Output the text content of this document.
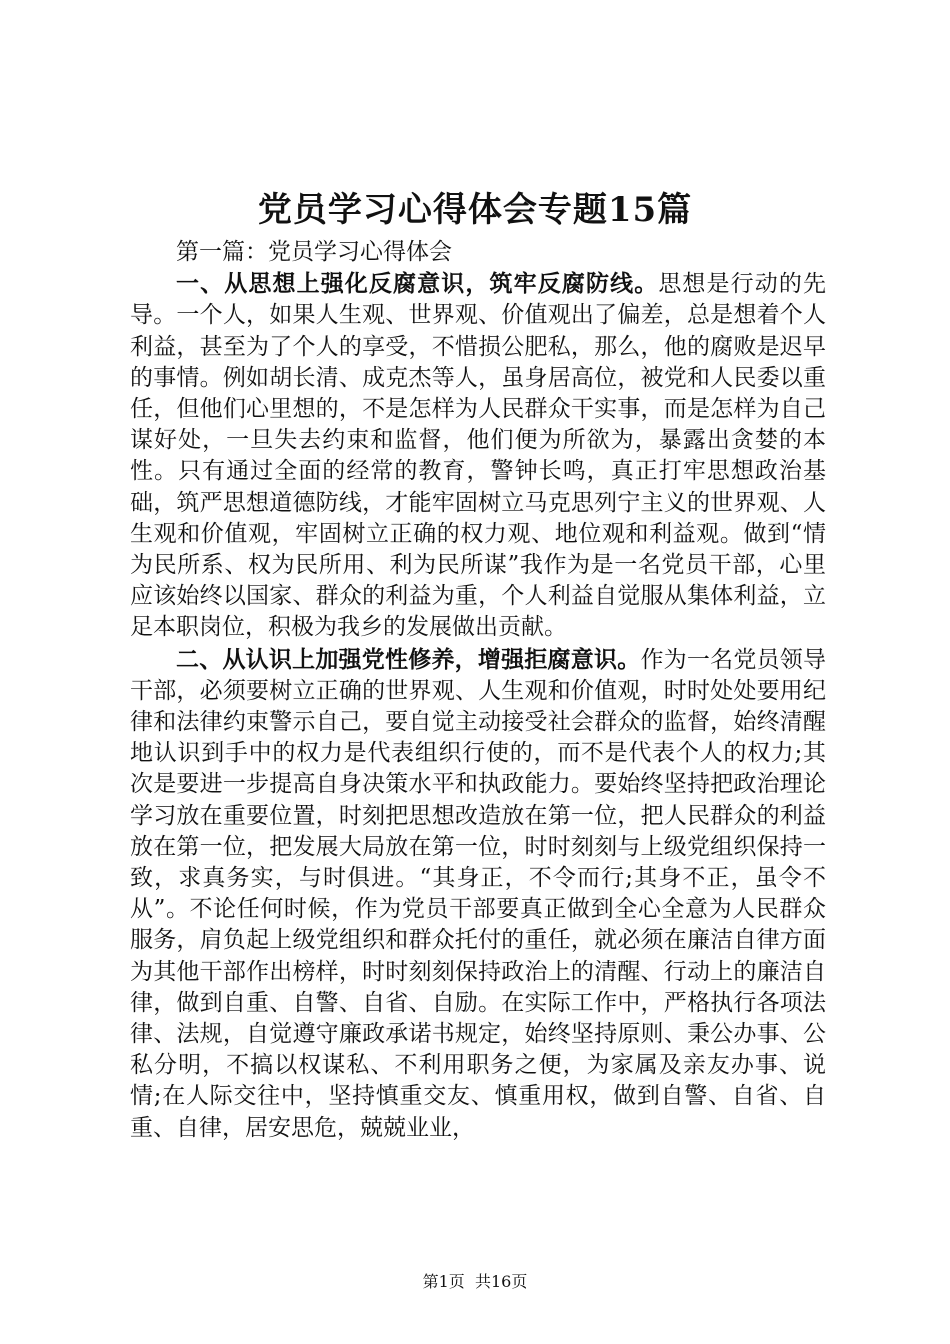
党员学习心得体会专题15篇

第一篇：党员学习心得体会

一、从思想上强化反腐意识，筑牢反腐防线。思想是行动的先导。一个人，如果人生观、世界观、价值观出了偏差，总是想着个人利益，甚至为了个人的享受，不惜损公肥私，那么，他的腐败是迟早的事情。例如胡长清、成克杰等人，虽身居高位，被党和人民委以重任，但他们心里想的，不是怎样为人民群众干实事，而是怎样为自己谋好处，一旦失去约束和监督，他们便为所欲为，暴露出贪婪的本性。只有通过全面的经常的教育，警钟长鸣，真正打牢思想政治基础，筑严思想道德防线，才能牢固树立马克思列宁主义的世界观、人生观和价值观，牢固树立正确的权力观、地位观和利益观。做到“情为民所系、权为民所用、利为民所谋”我作为是一名党员干部，心里应该始终以国家、群众的利益为重，个人利益自觉服从集体利益，立足本职岗位，积极为我乡的发展做出贡献。

二、从认识上加强党性修养，增强拒腐意识。作为一名党员领导干部，必须要树立正确的世界观、人生观和价值观，时时处处要用纪律和法律约束警示自己，要自觉主动接受社会群众的监督，始终清醒地认识到手中的权力是代表组织行使的，而不是代表个人的权力;其次是要进一步提高自身决策水平和执政能力。要始终坚持把政治理论学习放在重要位置，时刻把思想改造放在第一位，把人民群众的利益放在第一位，把发展大局放在第一位，时时刻刻与上级党组织保持一致，求真务实，与时俱进。“其身正，不令而行;其身不正，虽令不从”。不论任何时候，作为党员干部要真正做到全心全意为人民群众服务，肩负起上级党组织和群众托付的重任，就必须在廉洁自律方面为其他干部作出榜样，时时刻刻保持政治上的清醒、行动上的廉洁自律，做到自重、自警、自省、自励。在实际工作中，严格执行各项法律、法规，自觉遵守廉政承诺书规定，始终坚持原则、秉公办事、公私分明，不搞以权谋私、不利用职务之便，为家属及亲友办事、说情;在人际交往中，坚持慎重交友、慎重用权，做到自警、自省、自重、自律，居安思危，兢兢业业，

第1页 共16页
